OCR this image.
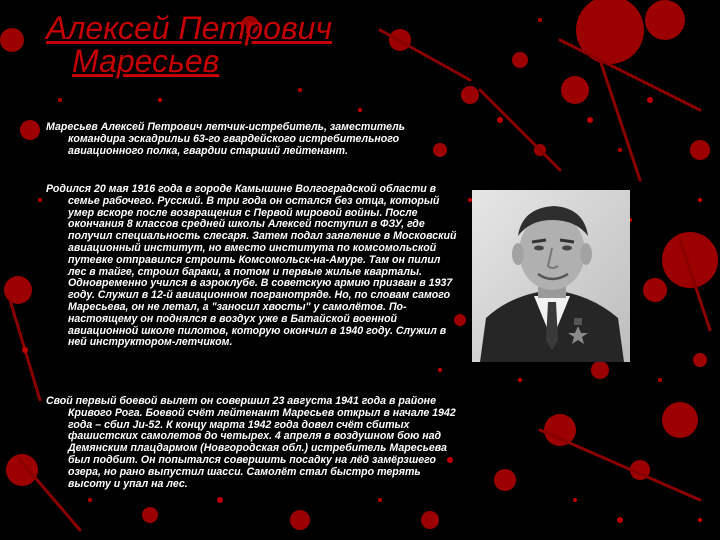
Алексей Петрович
Маресьев

Маресьев Алексей Петрович летчик-истребитель, заместитель командира эскадрильи 63-го гвардейского истребительного авиационного полка, гвардии старший лейтенант.

Родился 20 мая 1916 года в городе Камышине Волгоградской области в семье рабочего. Русский. В три года он остался без отца, который умер вскоре после возвращения с Первой мировой войны. После окончания 8 классов средней школы Алексей поступил в ФЗУ, где получил специальность слесаря. Затем подал заявление в Московский авиационный институт, но вместо института по комсомольской путевке отправился строить Комсомольск-на-Амуре. Там он пилил лес в тайге, строил бараки, а потом и первые жилые кварталы. Одновременно учился в аэроклубе. В советскую армию призван в 1937 году. Служил в 12-й авиационном погранотряде. Но, по словам самого Маресьева, он не летал, а "заносил хвосты" у самолётов. По-настоящему он поднялся в воздух уже в Батайской военной авиационной школе пилотов, которую окончил в 1940 году. Служил в ней инструктором-летчиком.

Свой первый боевой вылет он совершил 23 августа 1941 года в районе Кривого Рога. Боевой счёт лейтенант Маресьев открыл в начале 1942 года – сбил Ju-52. К концу марта 1942 года довел счёт сбитых фашистских самолетов до четырех. 4 апреля в воздушном бою над Демянским плацдармом (Новгородская обл.) истребитель Маресьева был подбит. Он попытался совершить посадку на лёд замёрзшего озера, но рано выпустил шасси. Самолёт стал быстро терять высоту и упал на лес.
